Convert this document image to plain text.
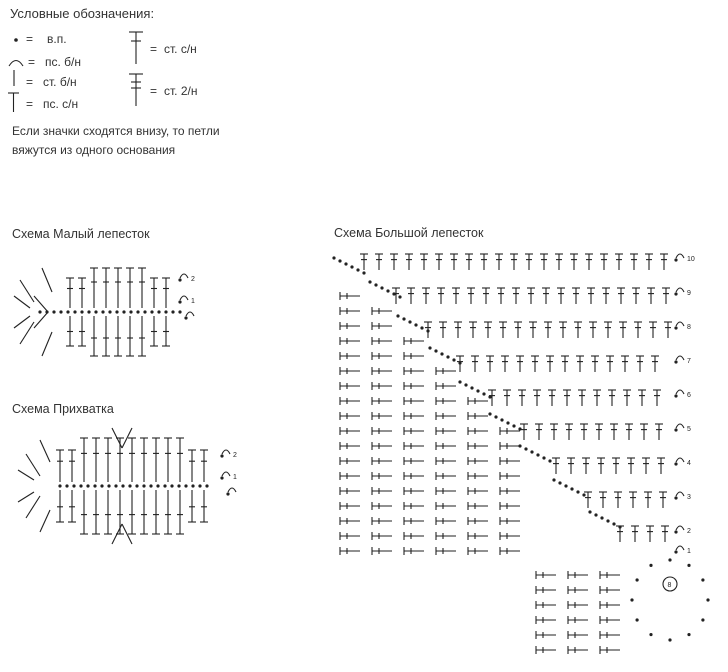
Условные обозначения:
= в.п.
= пс. б/н
= ст. б/н
= пс. с/н
= ст. с/н
= ст. 2/н
Если значки сходятся внизу, то петли
вяжутся из одного основания
Схема Малый лепесток
Схема Прихватка
Схема Большой лепесток
2
1
2
1
10
9
8
7
6
5
4
3
2
8
1
